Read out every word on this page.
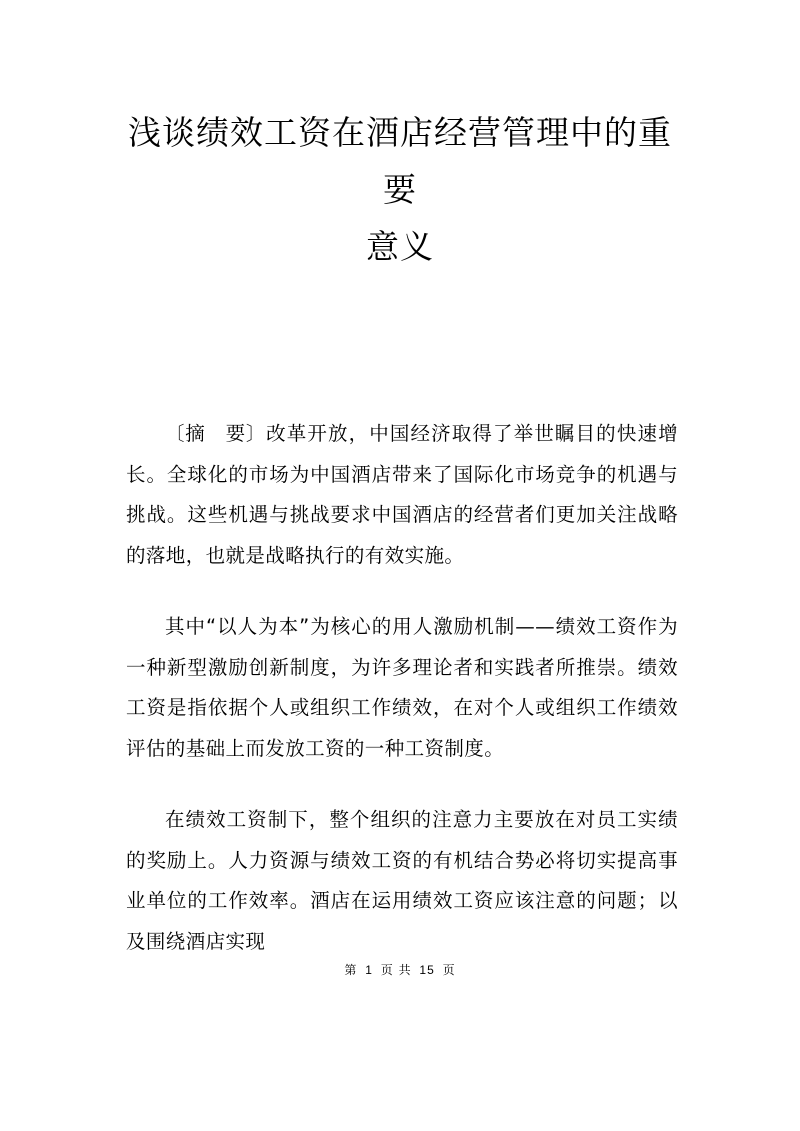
浅谈绩效工资在酒店经营管理中的重要
意义

〔摘　要〕改革开放，中国经济取得了举世瞩目的快速增长。全球化的市场为中国酒店带来了国际化市场竞争的机遇与挑战。这些机遇与挑战要求中国酒店的经营者们更加关注战略的落地，也就是战略执行的有效实施。

其中“以人为本”为核心的用人激励机制——绩效工资作为一种新型激励创新制度，为许多理论者和实践者所推崇。绩效工资是指依据个人或组织工作绩效，在对个人或组织工作绩效评估的基础上而发放工资的一种工资制度。

在绩效工资制下，整个组织的注意力主要放在对员工实绩的奖励上。人力资源与绩效工资的有机结合势必将切实提高事业单位的工作效率。酒店在运用绩效工资应该注意的问题；以及围绕酒店实现

第 1 页 共 15 页
